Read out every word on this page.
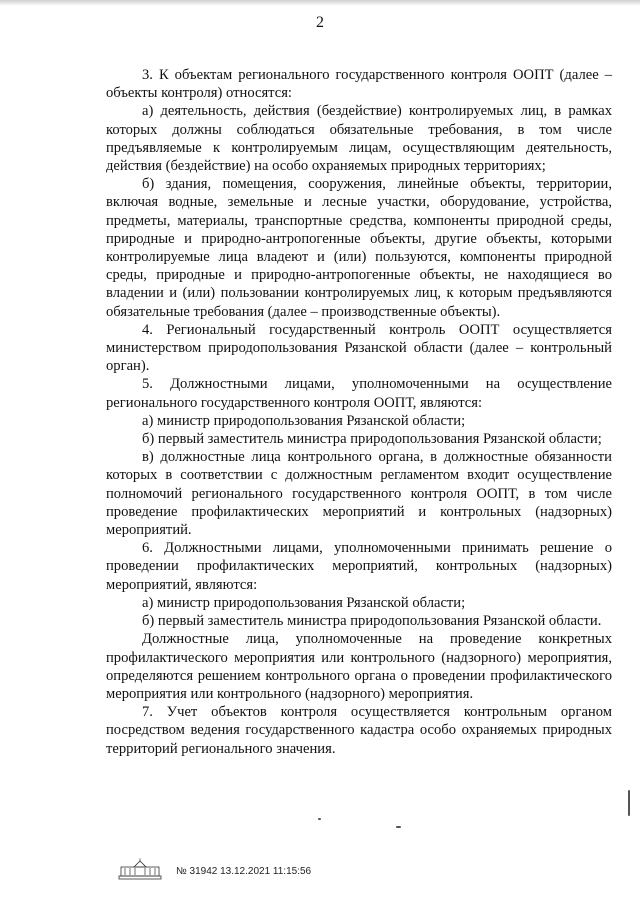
2

3. К объектам регионального государственного контроля ООПТ (далее – объекты контроля) относятся:

а) деятельность, действия (бездействие) контролируемых лиц, в рамках которых должны соблюдаться обязательные требования, в том числе предъявляемые к контролируемым лицам, осуществляющим деятельность, действия (бездействие) на особо охраняемых природных территориях;

б) здания, помещения, сооружения, линейные объекты, территории, включая водные, земельные и лесные участки, оборудование, устройства, предметы, материалы, транспортные средства, компоненты природной среды, природные и природно-антропогенные объекты, другие объекты, которыми контролируемые лица владеют и (или) пользуются, компоненты природной среды, природные и природно-антропогенные объекты, не находящиеся во владении и (или) пользовании контролируемых лиц, к которым предъявляются обязательные требования (далее – производственные объекты).

4. Региональный государственный контроль ООПТ осуществляется министерством природопользования Рязанской области (далее – контрольный орган).

5. Должностными лицами, уполномоченными на осуществление регионального государственного контроля ООПТ, являются:

а) министр природопользования Рязанской области;

б) первый заместитель министра природопользования Рязанской области;

в) должностные лица контрольного органа, в должностные обязанности которых в соответствии с должностным регламентом входит осуществление полномочий регионального государственного контроля ООПТ, в том числе проведение профилактических мероприятий и контрольных (надзорных) мероприятий.

6. Должностными лицами, уполномоченными принимать решение о проведении профилактических мероприятий, контрольных (надзорных) мероприятий, являются:

а) министр природопользования Рязанской области;

б) первый заместитель министра природопользования Рязанской области.

Должностные лица, уполномоченные на проведение конкретных профилактического мероприятия или контрольного (надзорного) мероприятия, определяются решением контрольного органа о проведении профилактического мероприятия или контрольного (надзорного) мероприятия.

7. Учет объектов контроля осуществляется контрольным органом посредством ведения государственного кадастра особо охраняемых природных территорий регионального значения.

№ 31942 13.12.2021 11:15:56
